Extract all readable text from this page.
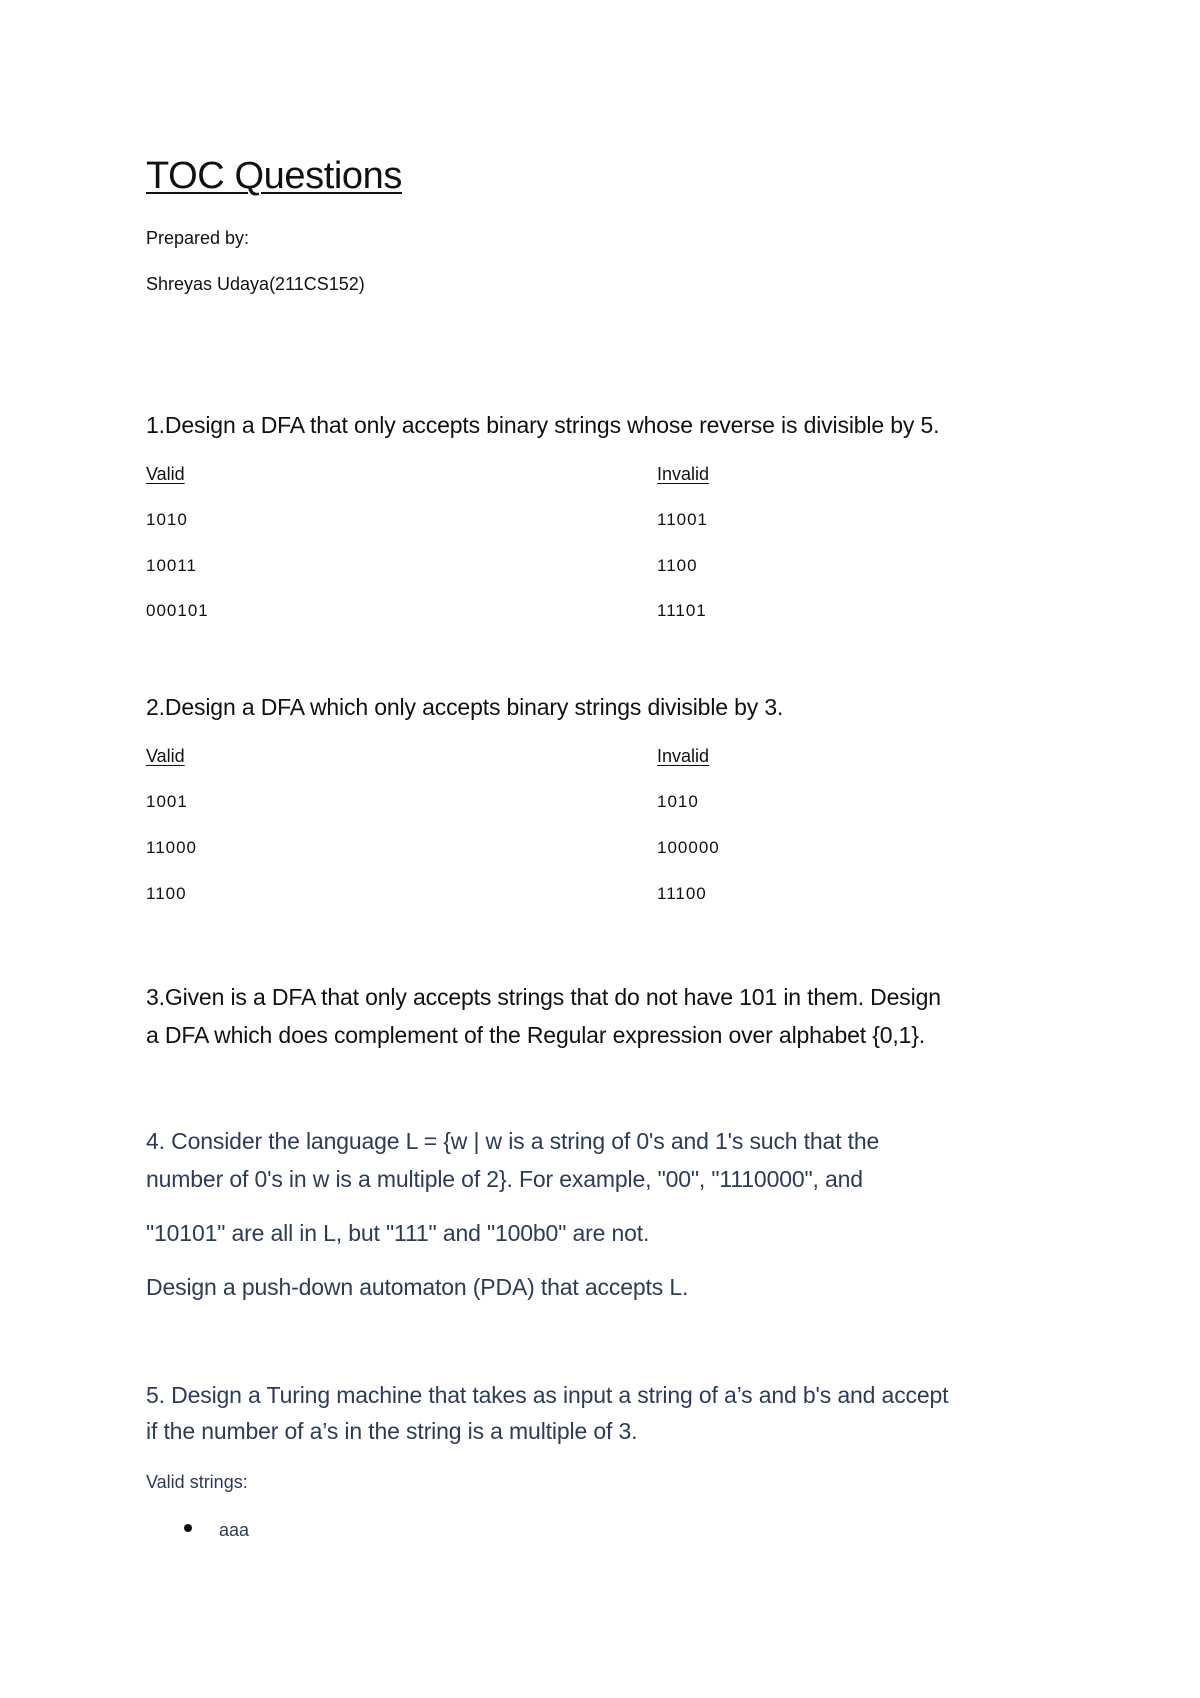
TOC Questions
Prepared by:
Shreyas Udaya(211CS152)
1.Design a DFA that only accepts binary strings whose reverse is divisible by 5.
Valid	Invalid
1010
10011
000101
11001
1100
11101
2.Design a DFA which only accepts binary strings divisible by 3.
Valid	Invalid
1001
11000
1100
1010
100000
11100
3.Given is a DFA that only accepts strings that do not have 101 in them. Design
a DFA which does complement of the Regular expression over alphabet {0,1}.
4. Consider the language L = {w | w is a string of 0's and 1's such that the
number of 0's in w is a multiple of 2}. For example, "00", "1110000", and
"10101" are all in L, but "111" and "100b0" are not.
Design a push-down automaton (PDA) that accepts L.
5. Design a Turing machine that takes as input a string of a’s and b's and accept
if the number of a’s in the string is a multiple of 3.
Valid strings:
aaa
